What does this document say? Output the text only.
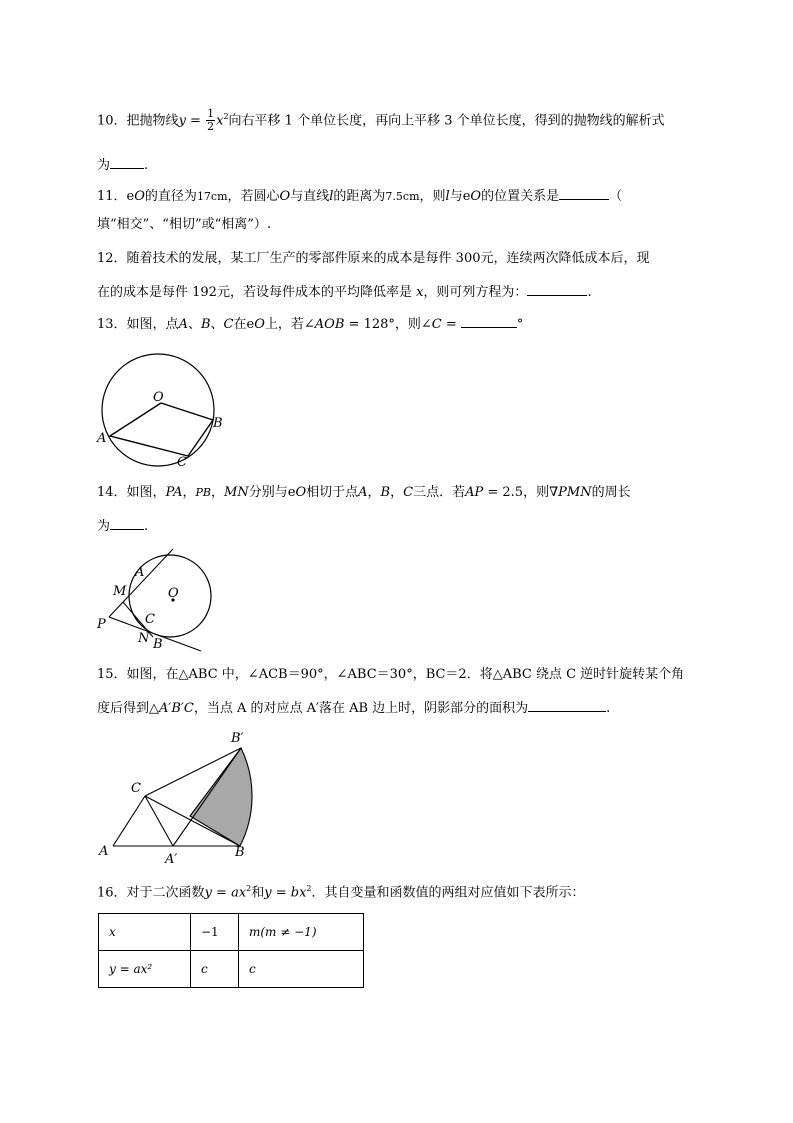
10．把抛物线$y = \frac{1}{2} x^2$向右平移 1 个单位长度，再向上平移 3 个单位长度，得到的抛物线的解析式
为	.
11．eO的直径为17cm，若圆心O与直线l的距离为7.5cm，则l与eO的位置关系是	（
填“相交”、“相切”或“相离”）.
12．随着技术的发展，某工厂生产的零部件原来的成本是每件 300元，连续两次降低成本后，现
在的成本是每件 192元，若设每件成本的平均降低率是 x，则可列方程为：	.
13．如图，点A、B、C在eO上，若∠AOB = 128°，则∠C =	°
O
B
A
C
14．如图，PA，PB，MN分别与eO相切于点A，B，C三点．若AP = 2.5，则∇PMN的周长
为	.
A
M	O
C
P
N B
15．如图，在△ABC 中，∠ACB＝90°，∠ABC＝30°，BC＝2．将△ABC 绕点 C 逆时针旋转某个角
度后得到△A′B′C，当点 A 的对应点 A′落在 AB 边上时，阴影部分的面积为	.
B′
C
A
A′	B
16．对于二次函数$y = ax^2$和$y = bx^2$．其自变量和函数值的两组对应值如下表所示：
x	−1	m(m ≠ −1)
y = ax²	c	c
